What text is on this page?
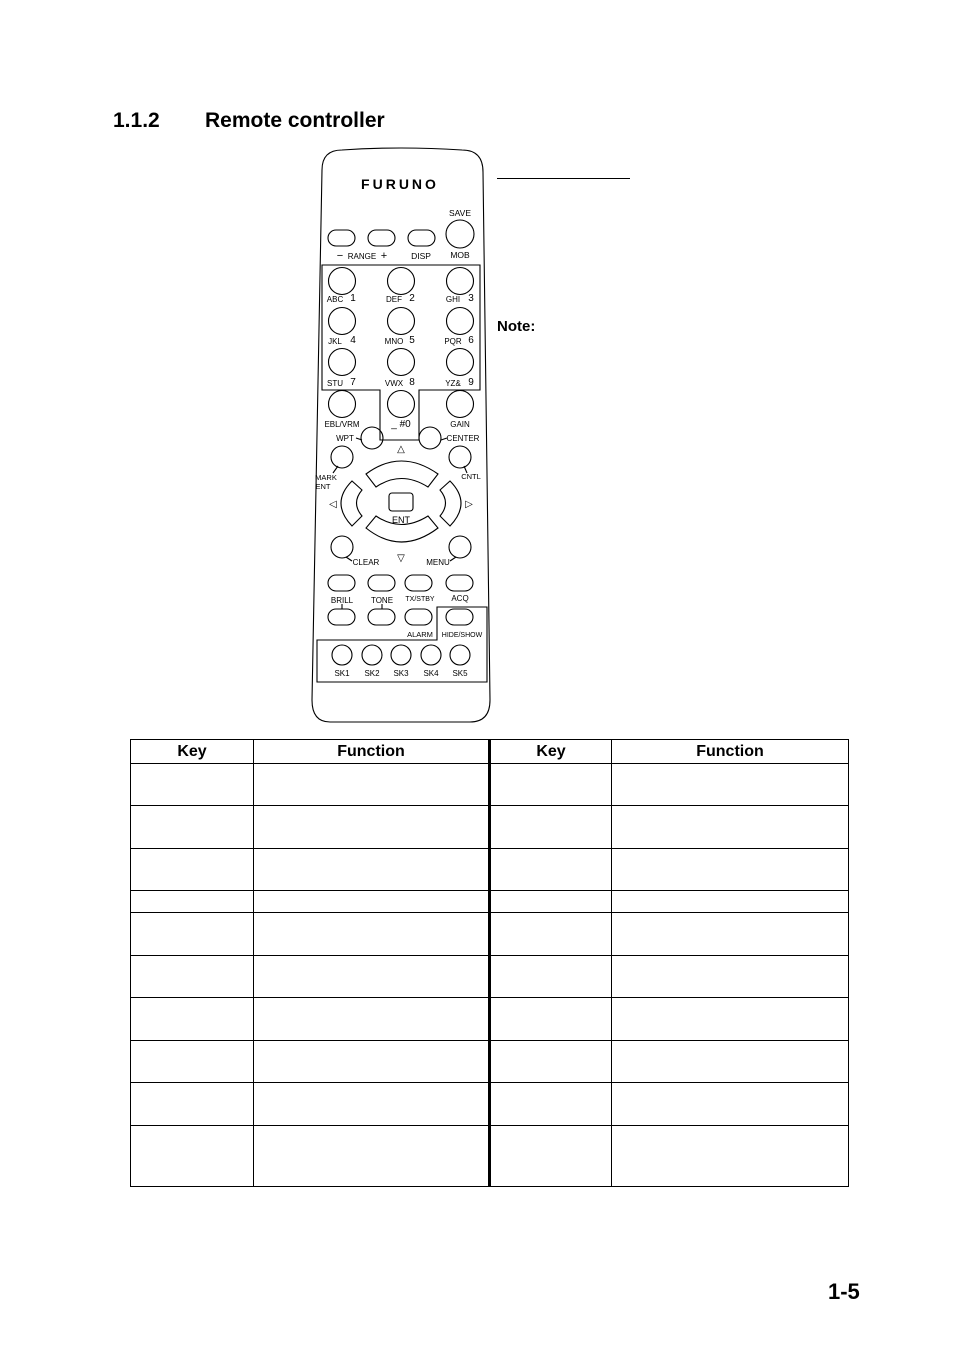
1.1.2 Remote controller
Note:
FURUNO
SAVE
− RANGE +	DISP MOB
ABC 1	DEF 2	GHI 3
JKL 4	MNO 5	PQR 6
STU 7	VWX 8	YZ& 9
EBL/VRM	_ #0	GAIN
WPT	CENTER
MARK
ENT
CNTL
△
▽
◁	▷
ENT
CLEAR	MENU
BRILL TONE TX/STBY ACQ
ALARM HIDE/SHOW
SK1 SK2 SK3 SK4 SK5
Key	Function	Key	Function

1-5
